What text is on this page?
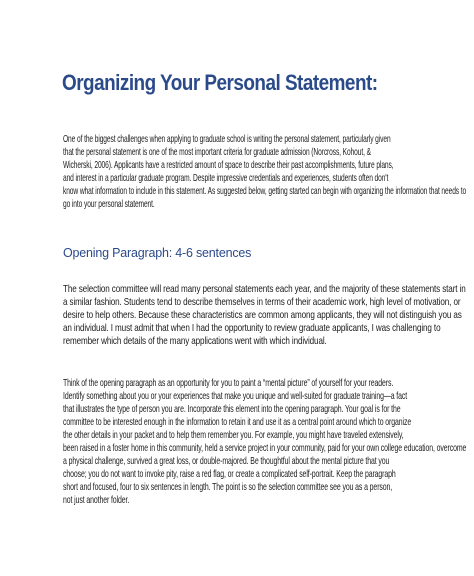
Organizing Your Personal Statement:

One of the biggest challenges when applying to graduate school is writing the personal statement, particularly given
that the personal statement is one of the most important criteria for graduate admission (Norcross, Kohout, &
Wicherski, 2006). Applicants have a restricted amount of space to describe their past accomplishments, future plans,
and interest in a particular graduate program. Despite impressive credentials and experiences, students often don't
know what information to include in this statement. As suggested below, getting started can begin with organizing the information that needs to
go into your personal statement.

Opening Paragraph: 4-6 sentences

The selection committee will read many personal statements each year, and the majority of these statements start in
a similar fashion. Students tend to describe themselves in terms of their academic work, high level of motivation, or
desire to help others. Because these characteristics are common among applicants, they will not distinguish you as
an individual. I must admit that when I had the opportunity to review graduate applicants, I was challenging to
remember which details of the many applications went with which individual.

Think of the opening paragraph as an opportunity for you to paint a “mental picture” of yourself for your readers.
Identify something about you or your experiences that make you unique and well-suited for graduate training—a fact
that illustrates the type of person you are. Incorporate this element into the opening paragraph. Your goal is for the
committee to be interested enough in the information to retain it and use it as a central point around which to organize
the other details in your packet and to help them remember you. For example, you might have traveled extensively,
been raised in a foster home in this community, held a service project in your community, paid for your own college education, overcome
a physical challenge, survived a great loss, or double-majored. Be thoughtful about the mental picture that you
choose; you do not want to invoke pity, raise a red flag, or create a complicated self-portrait. Keep the paragraph
short and focused, four to six sentences in length. The point is so the selection committee see you as a person,
not just another folder.
